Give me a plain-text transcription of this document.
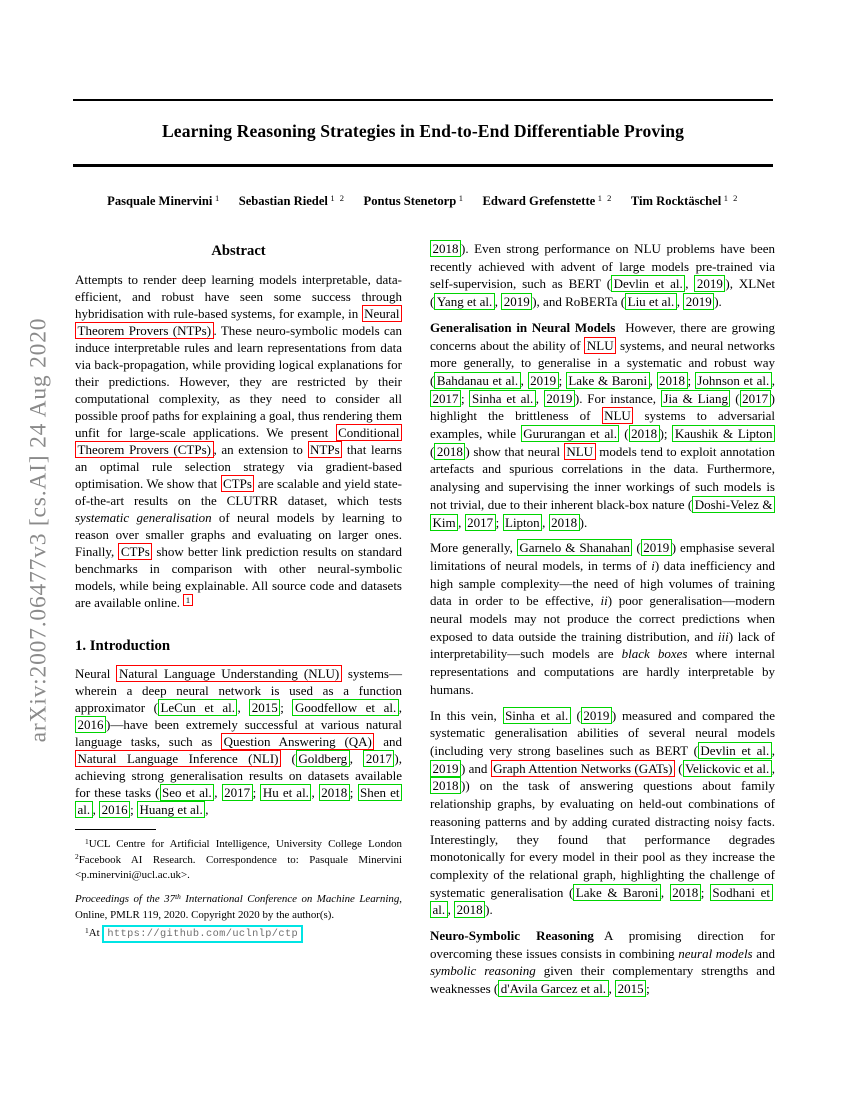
arXiv:2007.06477v3 [cs.AI] 24 Aug 2020
Learning Reasoning Strategies in End-to-End Differentiable Proving
Pasquale Minervini $^1$ Sebastian Riedel $^{1 2}$ Pontus Stenetorp $^1$ Edward Grefenstette $^{1 2}$ Tim Rocktäschel $^{1 2}$
Abstract

Attempts to render deep learning models interpretable, data-efficient, and robust have seen some success through hybridisation with rule-based systems, for example, in Neural Theorem Provers (NTPs) . These neuro-symbolic models can induce interpretable rules and learn representations from data via back-propagation, while providing logical explanations for their predictions. However, they are restricted by their computational complexity, as they need to consider all possible proof paths for explaining a goal, thus rendering them unfit for large-scale applications. We present Conditional Theorem Provers (CTPs) , an extension to NTPs that learns an optimal rule selection strategy via gradient-based optimisation. We show that CTPs are scalable and yield state-of-the-art results on the CLUTRR dataset, which tests systematic generalisation of neural models by learning to reason over smaller graphs and evaluating on larger ones. Finally, CTPs show better link prediction results on standard benchmarks in comparison with other neural-symbolic models, while being explainable. All source code and datasets are available online. $^1$

1. Introduction

Neural Natural Language Understanding (NLU) systems—wherein a deep neural network is used as a function approximator ( LeCun et al. , 2015 ; Goodfellow et al. , 2016 )—have been extremely successful at various natural language tasks, such as Question Answering (QA) and Natural Language Inference (NLI) ( Goldberg , 2017 ), achieving strong generalisation results on datasets available for these tasks ( Seo et al. , 2017 ; Hu et al. , 2018 ; Shen et al. , 2016 ; Huang et al. ,

$^1$UCL Centre for Artificial Intelligence, University College London $^2$Facebook AI Research. Correspondence to: Pasquale Minervini <p.minervini@ucl.ac.uk>.

Proceedings of the 37th International Conference on Machine Learning, Online, PMLR 119, 2020. Copyright 2020 by the author(s).

$^1$At https://github.com/uclnlp/ctp

2018 ). Even strong performance on NLU problems have been recently achieved with advent of large models pre-trained via self-supervision, such as BERT ( Devlin et al. , 2019 ), XLNet ( Yang et al. , 2019 ), and RoBERTa ( Liu et al. , 2019 ).

Generalisation in Neural Models However, there are growing concerns about the ability of NLU systems, and neural networks more generally, to generalise in a systematic and robust way ( Bahdanau et al. , 2019 ; Lake & Baroni , 2018 ; Johnson et al. , 2017 ; Sinha et al. , 2019 ). For instance, Jia & Liang ( 2017 ) highlight the brittleness of NLU systems to adversarial examples, while Gururangan et al. ( 2018 ); Kaushik & Lipton ( 2018 ) show that neural NLU models tend to exploit annotation artefacts and spurious correlations in the data. Furthermore, analysing and supervising the inner workings of such models is not trivial, due to their inherent black-box nature ( Doshi-Velez & Kim , 2017 ; Lipton , 2018 ).

More generally, Garnelo & Shanahan ( 2019 ) emphasise several limitations of neural models, in terms of i) data inefficiency and high sample complexity—the need of high volumes of training data in order to be effective, ii) poor generalisation—modern neural models may not produce the correct predictions when exposed to data outside the training distribution, and iii) lack of interpretability—such models are black boxes where internal representations and computations are hardly interpretable by humans.

In this vein, Sinha et al. ( 2019 ) measured and compared the systematic generalisation abilities of several neural models (including very strong baselines such as BERT ( Devlin et al. , 2019 ) and Graph Attention Networks (GATs) ( Velickovic et al. , 2018 )) on the task of answering questions about family relationship graphs, by evaluating on held-out combinations of reasoning patterns and by adding curated distracting noisy facts. Interestingly, they found that performance degrades monotonically for every model in their pool as they increase the complexity of the relational graph, highlighting the challenge of systematic generalisation ( Lake & Baroni , 2018 ; Sodhani et al. , 2018 ).

Neuro-Symbolic Reasoning A promising direction for overcoming these issues consists in combining neural models and symbolic reasoning given their complementary strengths and weaknesses ( d'Avila Garcez et al. , 2015 ;
